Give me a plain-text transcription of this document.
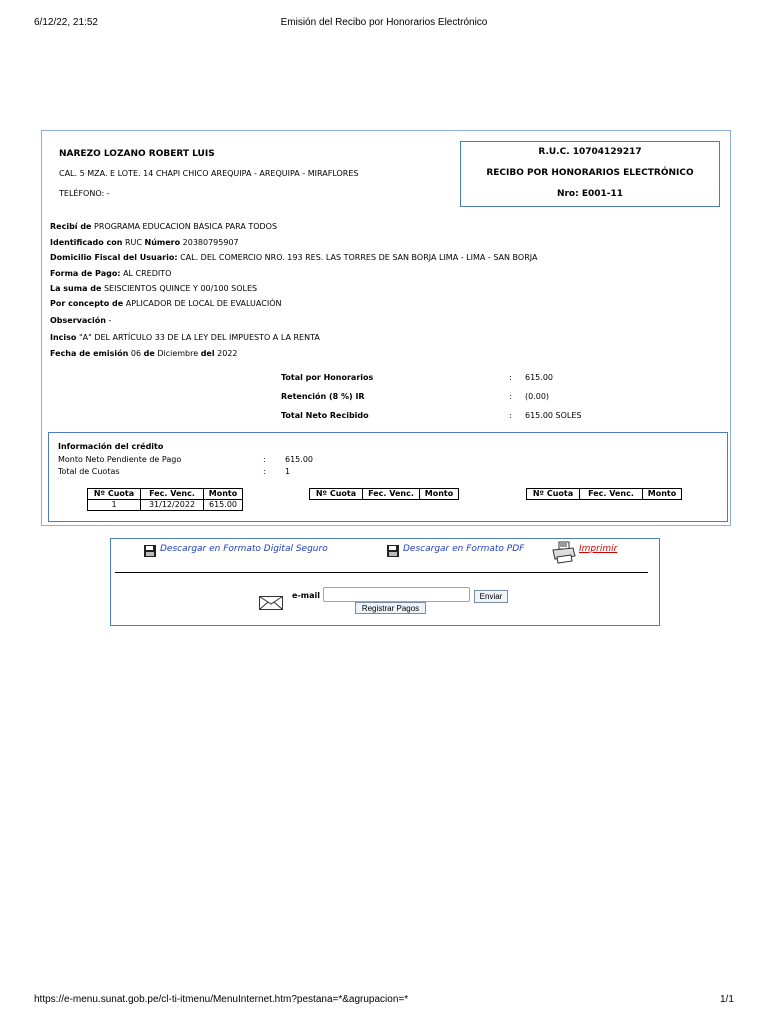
6/12/22, 21:52	Emisión del Recibo por Honorarios Electrónico
NAREZO LOZANO ROBERT LUIS
CAL. 5 MZA. E LOTE. 14 CHAPI CHICO AREQUIPA - AREQUIPA - MIRAFLORES
TELÉFONO: -
R.U.C. 10704129217
RECIBO POR HONORARIOS ELECTRÓNICO
Nro: E001-11
Recibí de PROGRAMA EDUCACION BASICA PARA TODOS
Identificado con RUC Número 20380795907
Domicilio Fiscal del Usuario: CAL. DEL COMERCIO NRO. 193 RES. LAS TORRES DE SAN BORJA LIMA - LIMA - SAN BORJA
Forma de Pago: AL CREDITO
La suma de SEISCIENTOS QUINCE Y 00/100 SOLES
Por concepto de APLICADOR DE LOCAL DE EVALUACIÓN
Observación -
Inciso "A" DEL ARTÍCULO 33 DE LA LEY DEL IMPUESTO A LA RENTA
Fecha de emisión 06 de Diciembre del 2022
Total por Honorarios	: 615.00
Retención (8 %) IR	: (0.00)
Total Neto Recibido	: 615.00 SOLES
Información del crédito
Monto Neto Pendiente de Pago	: 615.00
Total de Cuotas	: 1
Nº Cuota	Fec. Venc.	Monto
1	31/12/2022	615.00
Nº Cuota	Fec. Venc.	Monto	Nº Cuota	Fec. Venc.	Monto
Descargar en Formato Digital Seguro	Descargar en Formato PDF	Imprimir
e-mail	Enviar
Registrar Pagos
https://e-menu.sunat.gob.pe/cl-ti-itmenu/MenuInternet.htm?pestana=*&agrupacion=*	1/1
